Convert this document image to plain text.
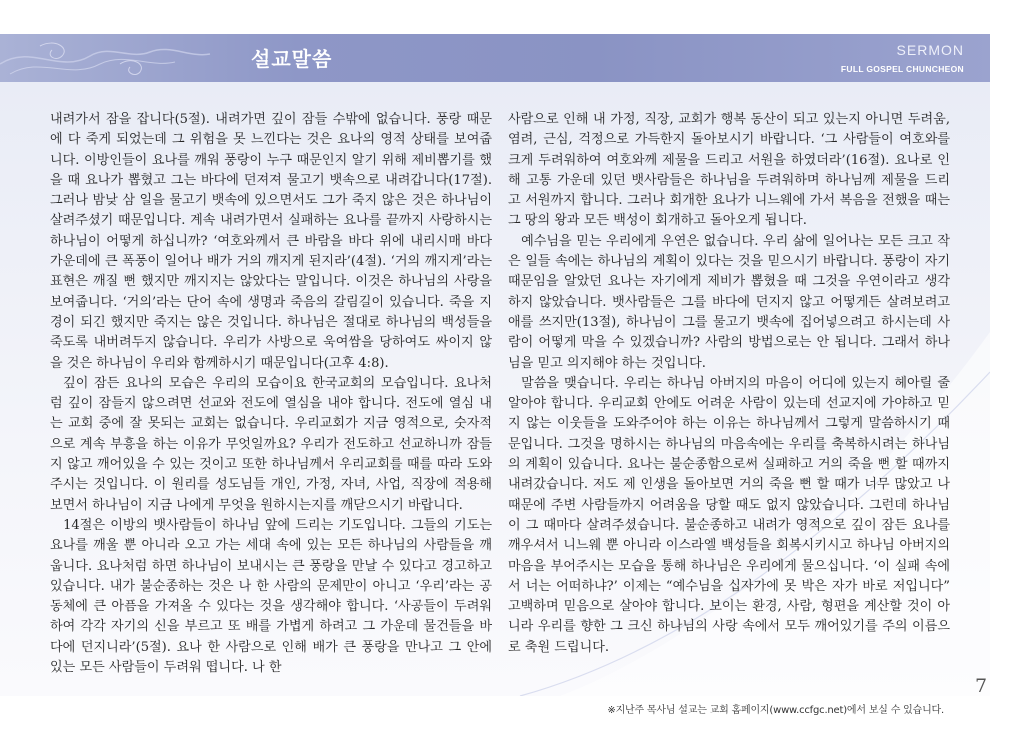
설교말씀	SERMON
FULL GOSPEL CHUNCHEON

내려가서 잠을 잡니다(5절). 내려가면 깊이 잠들 수밖에 없습니다. 풍랑 때문에 다 죽게 되었는데 그 위험을 못 느낀다는 것은 요나의 영적 상태를 보여줍니다. 이방인들이 요나를 깨워 풍랑이 누구 때문인지 알기 위해 제비뽑기를 했을 때 요나가 뽑혔고 그는 바다에 던져져 물고기 뱃속으로 내려갑니다(17절). 그러나 밤낮 삼 일을 물고기 뱃속에 있으면서도 그가 죽지 않은 것은 하나님이 살려주셨기 때문입니다. 계속 내려가면서 실패하는 요나를 끝까지 사랑하시는 하나님이 어떻게 하십니까? ‘여호와께서 큰 바람을 바다 위에 내리시매 바다 가운데에 큰 폭풍이 일어나 배가 거의 깨지게 된지라’(4절). ‘거의 깨지게’라는 표현은 깨질 뻔 했지만 깨지지는 않았다는 말입니다. 이것은 하나님의 사랑을 보여줍니다. ‘거의’라는 단어 속에 생명과 죽음의 갈림길이 있습니다. 죽을 지경이 되긴 했지만 죽지는 않은 것입니다. 하나님은 절대로 하나님의 백성들을 죽도록 내버려두지 않습니다. 우리가 사방으로 욱여쌈을 당하여도 싸이지 않을 것은 하나님이 우리와 함께하시기 때문입니다(고후 4:8).

깊이 잠든 요나의 모습은 우리의 모습이요 한국교회의 모습입니다. 요나처럼 깊이 잠들지 않으려면 선교와 전도에 열심을 내야 합니다. 전도에 열심 내는 교회 중에 잘 못되는 교회는 없습니다. 우리교회가 지금 영적으로, 숫자적으로 계속 부흥을 하는 이유가 무엇일까요? 우리가 전도하고 선교하니까 잠들지 않고 깨어있을 수 있는 것이고 또한 하나님께서 우리교회를 때를 따라 도와주시는 것입니다. 이 원리를 성도님들 개인, 가정, 자녀, 사업, 직장에 적용해 보면서 하나님이 지금 나에게 무엇을 원하시는지를 깨닫으시기 바랍니다.

14절은 이방의 뱃사람들이 하나님 앞에 드리는 기도입니다. 그들의 기도는 요나를 깨울 뿐 아니라 오고 가는 세대 속에 있는 모든 하나님의 사람들을 깨웁니다. 요나처럼 하면 하나님이 보내시는 큰 풍랑을 만날 수 있다고 경고하고 있습니다. 내가 불순종하는 것은 나 한 사람의 문제만이 아니고 ‘우리’라는 공동체에 큰 아픔을 가져올 수 있다는 것을 생각해야 합니다. ‘사공들이 두려워하여 각각 자기의 신을 부르고 또 배를 가볍게 하려고 그 가운데 물건들을 바다에 던지니라’(5절). 요나 한 사람으로 인해 배가 큰 풍랑을 만나고 그 안에 있는 모든 사람들이 두려워 떱니다. 나 한

사람으로 인해 내 가정, 직장, 교회가 행복 동산이 되고 있는지 아니면 두려움, 염려, 근심, 걱정으로 가득한지 돌아보시기 바랍니다. ‘그 사람들이 여호와를 크게 두려워하여 여호와께 제물을 드리고 서원을 하였더라’(16절). 요나로 인해 고통 가운데 있던 뱃사람들은 하나님을 두려워하며 하나님께 제물을 드리고 서원까지 합니다. 그러나 회개한 요나가 니느웨에 가서 복음을 전했을 때는 그 땅의 왕과 모든 백성이 회개하고 돌아오게 됩니다.

예수님을 믿는 우리에게 우연은 없습니다. 우리 삶에 일어나는 모든 크고 작은 일들 속에는 하나님의 계획이 있다는 것을 믿으시기 바랍니다. 풍랑이 자기 때문임을 알았던 요나는 자기에게 제비가 뽑혔을 때 그것을 우연이라고 생각하지 않았습니다. 뱃사람들은 그를 바다에 던지지 않고 어떻게든 살려보려고 애를 쓰지만(13절), 하나님이 그를 물고기 뱃속에 집어넣으려고 하시는데 사람이 어떻게 막을 수 있겠습니까? 사람의 방법으로는 안 됩니다. 그래서 하나님을 믿고 의지해야 하는 것입니다.

말씀을 맺습니다. 우리는 하나님 아버지의 마음이 어디에 있는지 헤아릴 줄 알아야 합니다. 우리교회 안에도 어려운 사람이 있는데 선교지에 가야하고 믿지 않는 이웃들을 도와주어야 하는 이유는 하나님께서 그렇게 말씀하시기 때문입니다. 그것을 명하시는 하나님의 마음속에는 우리를 축복하시려는 하나님의 계획이 있습니다. 요나는 불순종함으로써 실패하고 거의 죽을 뻔 할 때까지 내려갔습니다. 저도 제 인생을 돌아보면 거의 죽을 뻔 할 때가 너무 많았고 나 때문에 주변 사람들까지 어려움을 당할 때도 없지 않았습니다. 그런데 하나님이 그 때마다 살려주셨습니다. 불순종하고 내려가 영적으로 깊이 잠든 요나를 깨우셔서 니느웨 뿐 아니라 이스라엘 백성들을 회복시키시고 하나님 아버지의 마음을 부어주시는 모습을 통해 하나님은 우리에게 물으십니다. ‘이 실패 속에서 너는 어떠하냐?’ 이제는 “예수님을 십자가에 못 박은 자가 바로 저입니다” 고백하며 믿음으로 살아야 합니다. 보이는 환경, 사람, 형편을 계산할 것이 아니라 우리를 향한 그 크신 하나님의 사랑 속에서 모두 깨어있기를 주의 이름으로 축원 드립니다.

7
※지난주 목사님 설교는 교회 홈페이지(www.ccfgc.net)에서 보실 수 있습니다.
